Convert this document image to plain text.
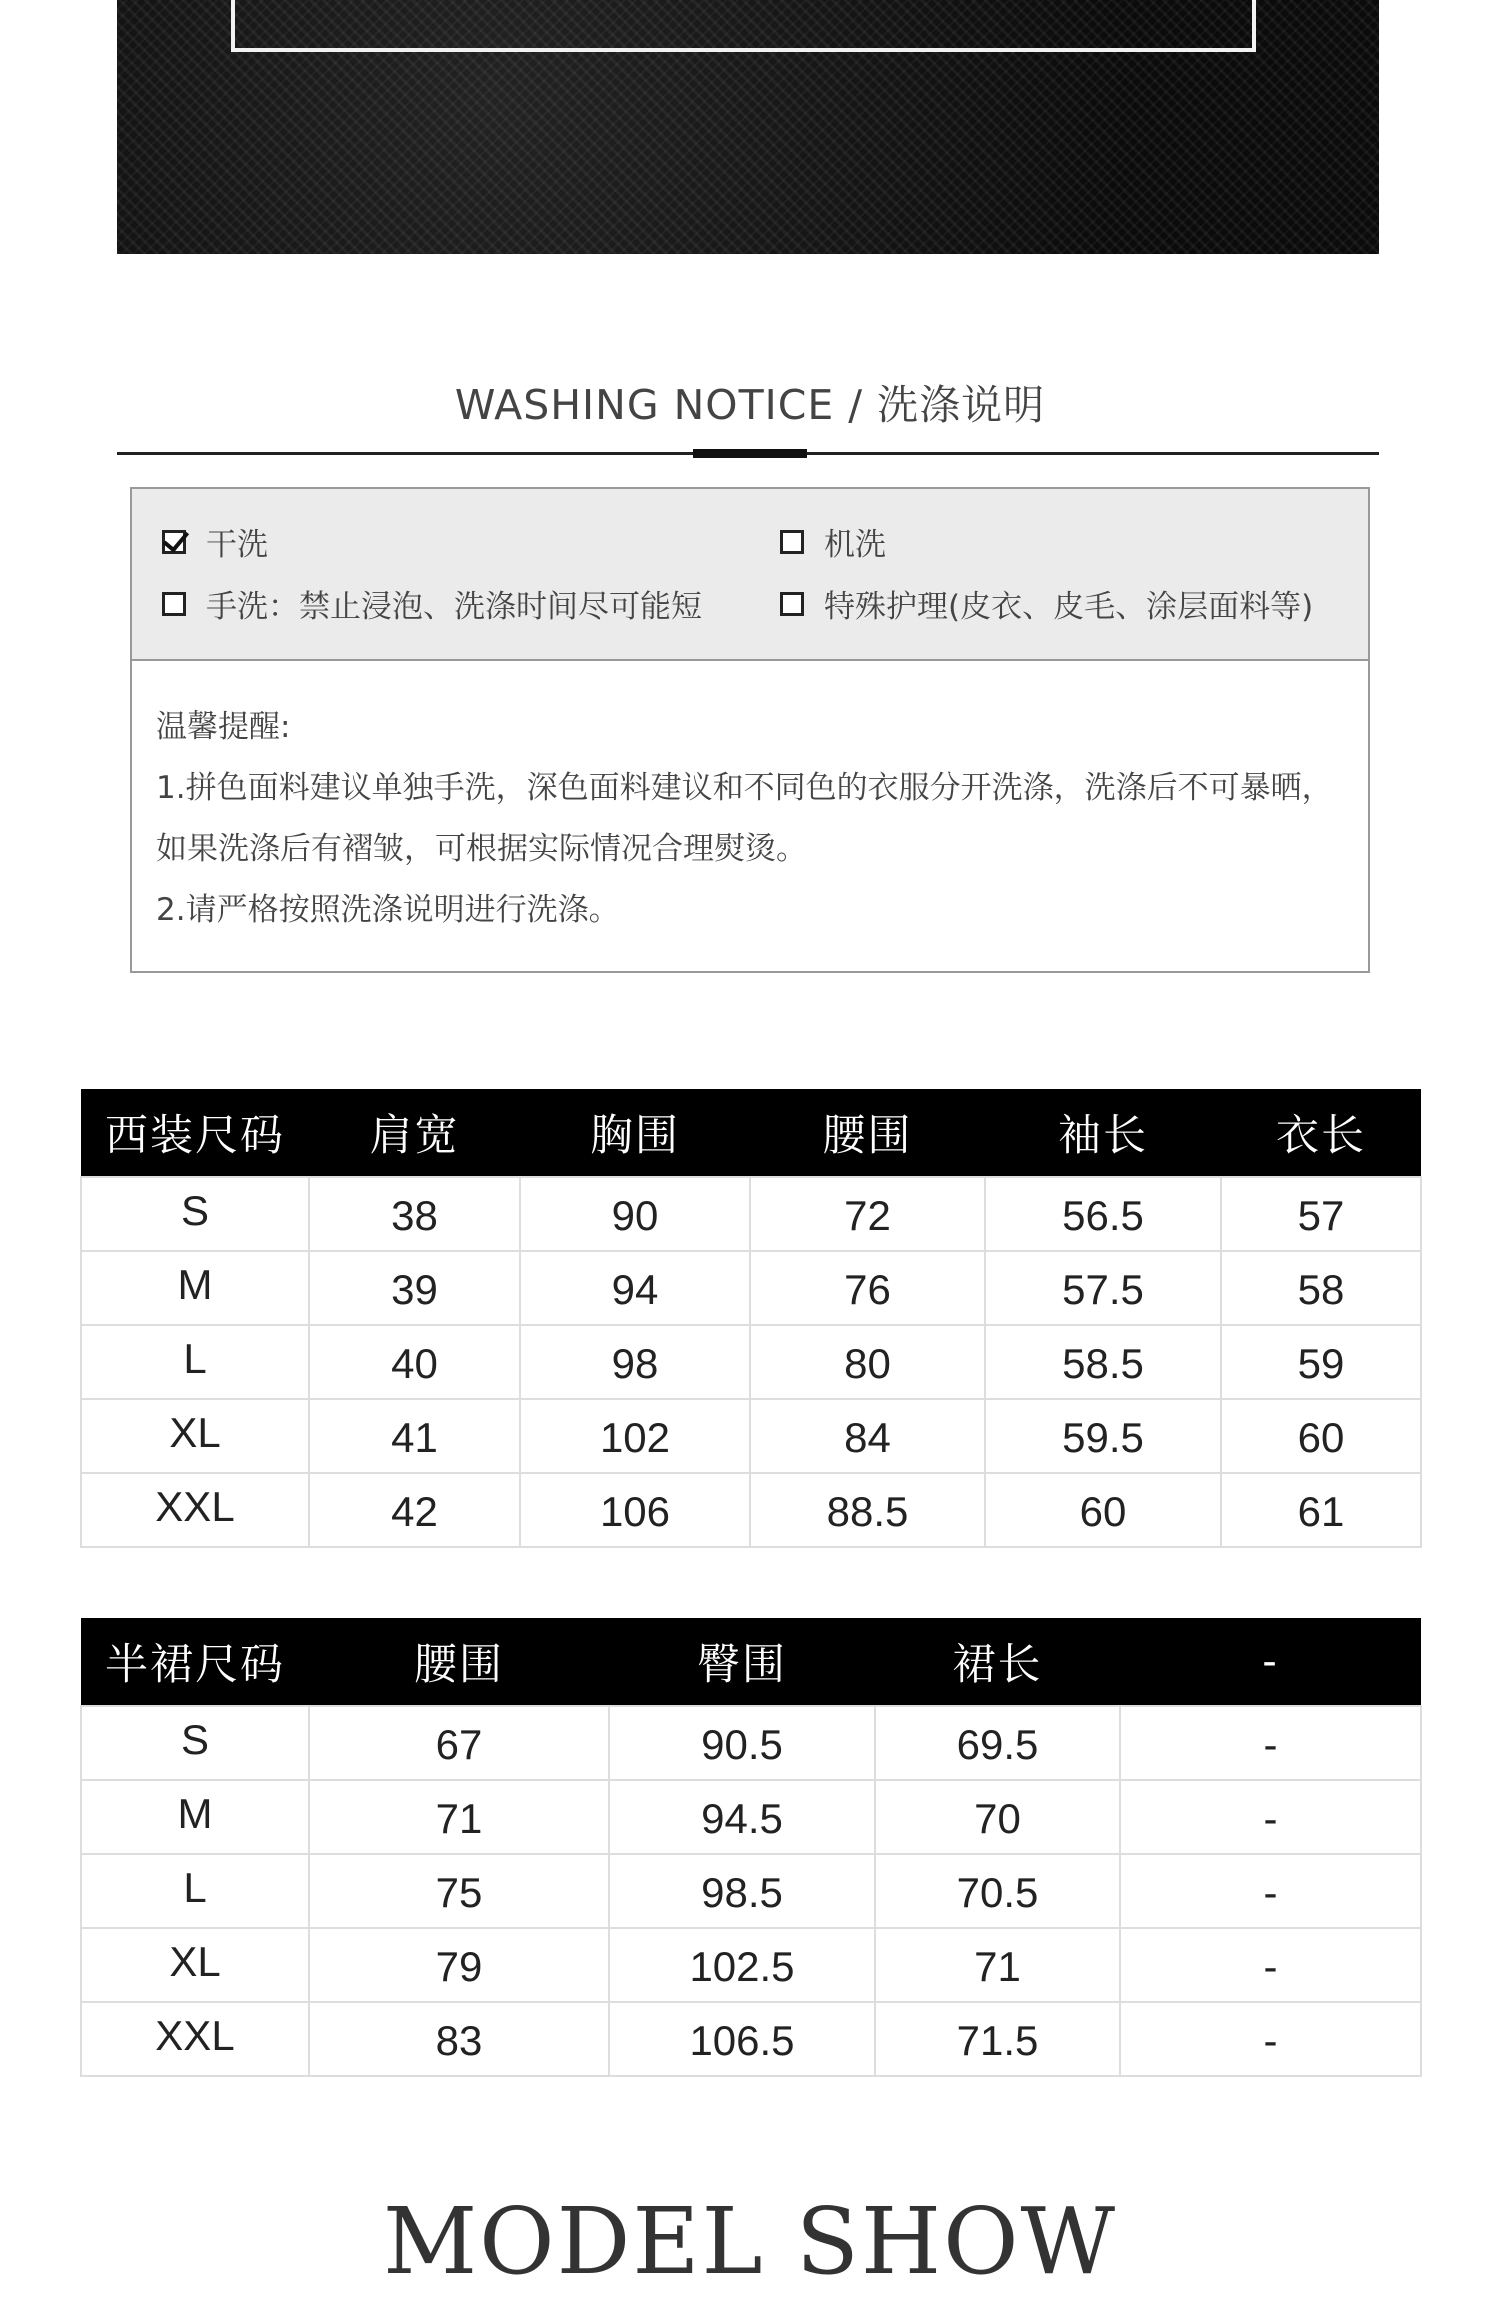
WASHING NOTICE / 洗涤说明
干洗	机洗
手洗：禁止浸泡、洗涤时间尽可能短	特殊护理(皮衣、皮毛、涂层面料等)
温馨提醒:
1.拼色面料建议单独手洗，深色面料建议和不同色的衣服分开洗涤，洗涤后不可暴晒，
如果洗涤后有褶皱，可根据实际情况合理熨烫。
2.请严格按照洗涤说明进行洗涤。
西装尺码	肩宽	胸围	腰围	袖长	衣长
S	38	90	72	56.5	57
M	39	94	76	57.5	58
L	40	98	80	58.5	59
XL	41	102	84	59.5	60
XXL	42	106	88.5	60	61
半裙尺码	腰围	臀围	裙长	-
S	67	90.5	69.5	-
M	71	94.5	70	-
L	75	98.5	70.5	-
XL	79	102.5	71	-
XXL	83	106.5	71.5	-
MODEL SHOW
